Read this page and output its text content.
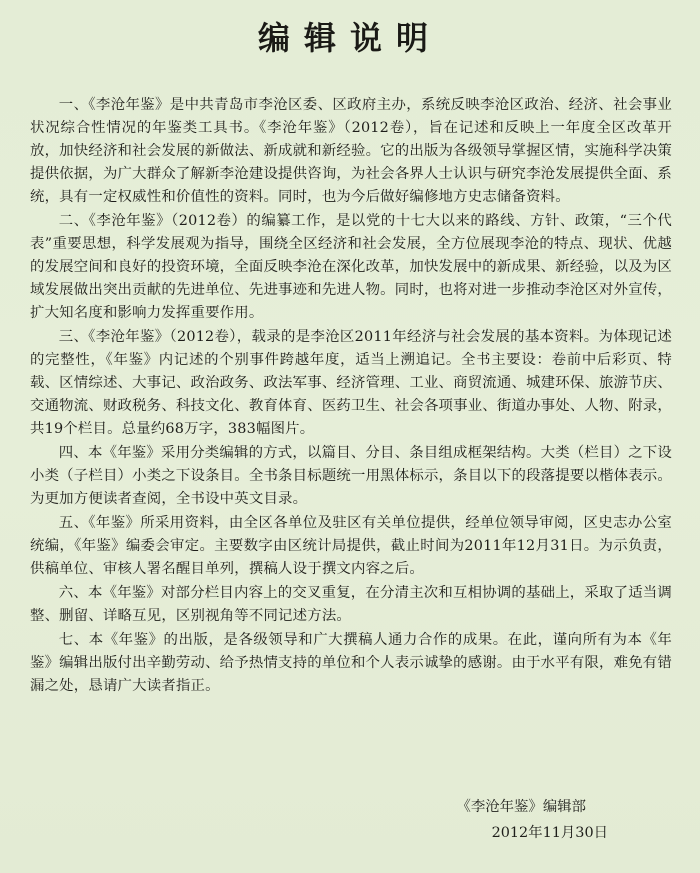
编辑说明

一、《李沧年鉴》是中共青岛市李沧区委、区政府主办，系统反映李沧区政治、经济、社会事业状况综合性情况的年鉴类工具书。《李沧年鉴》（2012卷），旨在记述和反映上一年度全区改革开放，加快经济和社会发展的新做法、新成就和新经验。它的出版为各级领导掌握区情，实施科学决策提供依据，为广大群众了解新李沧建设提供咨询，为社会各界人士认识与研究李沧发展提供全面、系统，具有一定权威性和价值性的资料。同时，也为今后做好编修地方史志储备资料。

二、《李沧年鉴》（2012卷）的编纂工作，是以党的十七大以来的路线、方针、政策，“三个代表”重要思想，科学发展观为指导，围绕全区经济和社会发展，全方位展现李沧的特点、现状、优越的发展空间和良好的投资环境，全面反映李沧在深化改革，加快发展中的新成果、新经验，以及为区域发展做出突出贡献的先进单位、先进事迹和先进人物。同时，也将对进一步推动李沧区对外宣传，扩大知名度和影响力发挥重要作用。

三、《李沧年鉴》（2012卷），载录的是李沧区2011年经济与社会发展的基本资料。为体现记述的完整性，《年鉴》内记述的个别事件跨越年度，适当上溯追记。全书主要设：卷前中后彩页、特载、区情综述、大事记、政治政务、政法军事、经济管理、工业、商贸流通、城建环保、旅游节庆、交通物流、财政税务、科技文化、教育体育、医药卫生、社会各项事业、街道办事处、人物、附录，共19个栏目。总量约68万字，383幅图片。

四、本《年鉴》采用分类编辑的方式，以篇目、分目、条目组成框架结构。大类（栏目）之下设小类（子栏目）小类之下设条目。全书条目标题统一用黑体标示，条目以下的段落提要以楷体表示。为更加方便读者查阅，全书设中英文目录。

五、《年鉴》所采用资料，由全区各单位及驻区有关单位提供，经单位领导审阅，区史志办公室统编，《年鉴》编委会审定。主要数字由区统计局提供，截止时间为2011年12月31日。为示负责，供稿单位、审核人署名醒目单列，撰稿人设于撰文内容之后。

六、本《年鉴》对部分栏目内容上的交叉重复，在分清主次和互相协调的基础上，采取了适当调整、删留、详略互见，区别视角等不同记述方法。

七、本《年鉴》的出版，是各级领导和广大撰稿人通力合作的成果。在此，谨向所有为本《年鉴》编辑出版付出辛勤劳动、给予热情支持的单位和个人表示诚挚的感谢。由于水平有限，难免有错漏之处，恳请广大读者指正。

《李沧年鉴》编辑部
2012年11月30日
